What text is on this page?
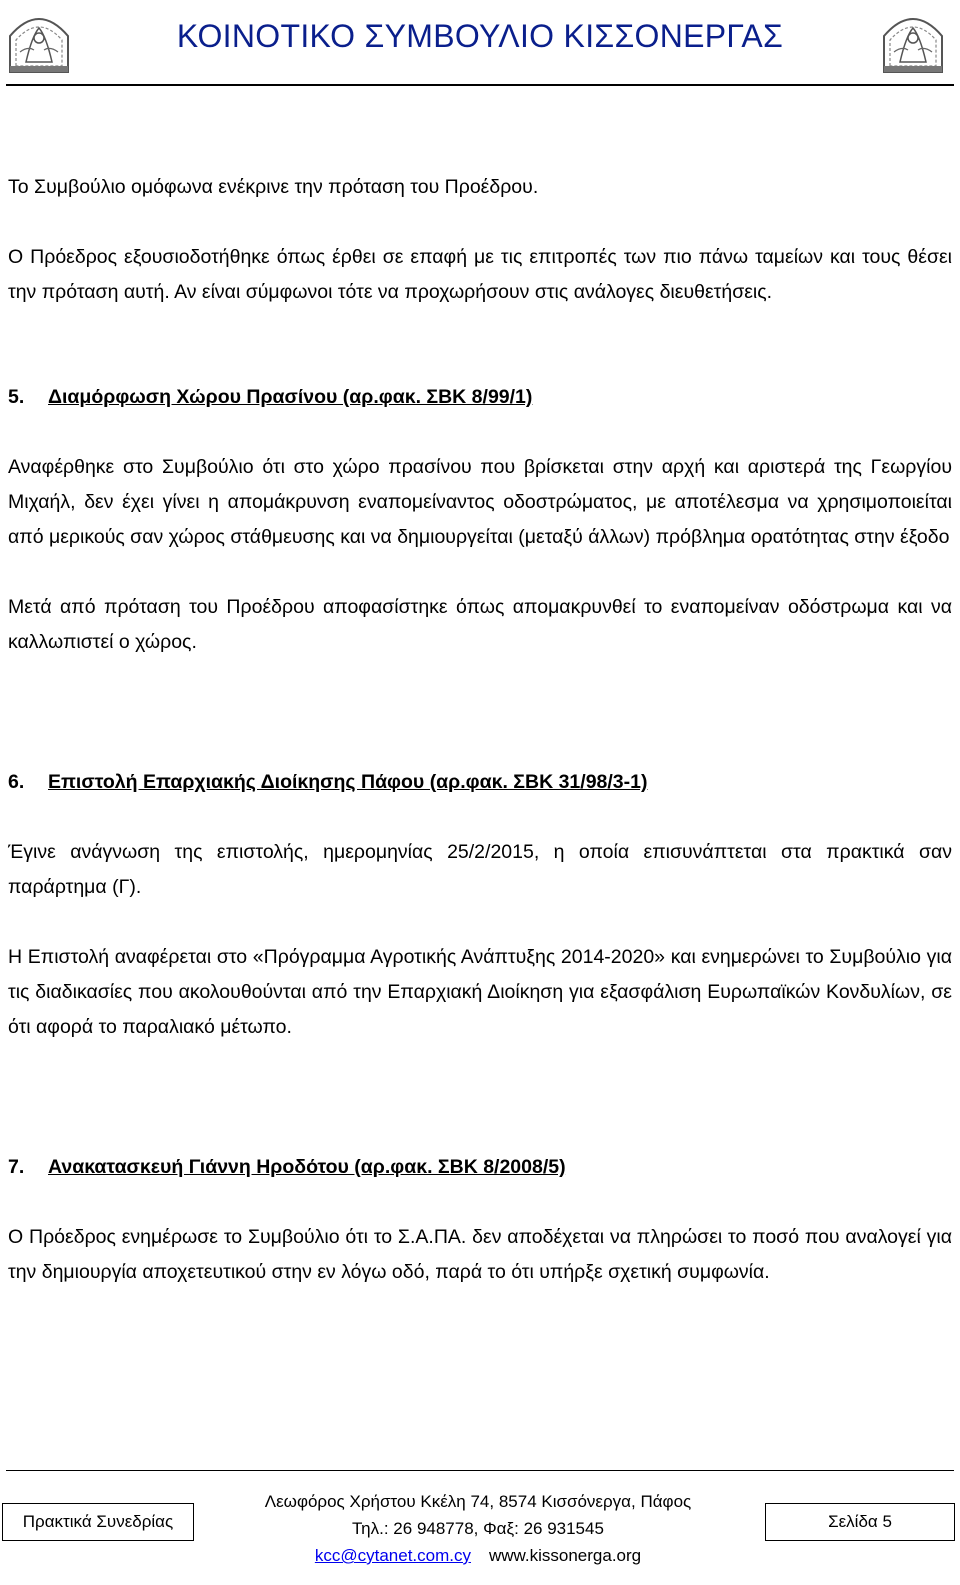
ΚΟΙΝΟΤΙΚΟ ΣΥΜΒΟΥΛΙΟ ΚΙΣΣΟΝΕΡΓΑΣ

Το Συμβούλιο ομόφωνα ενέκρινε την πρόταση του Προέδρου.

Ο Πρόεδρος εξουσιοδοτήθηκε όπως έρθει σε επαφή με τις επιτροπές των πιο πάνω ταμείων και τους θέσει την πρόταση αυτή. Αν είναι σύμφωνοι τότε να προχωρήσουν στις ανάλογες διευθετήσεις.

5. Διαμόρφωση Χώρου Πρασίνου (αρ.φακ. ΣΒΚ 8/99/1)

Αναφέρθηκε στο Συμβούλιο ότι στο χώρο πρασίνου που βρίσκεται στην αρχή και αριστερά της Γεωργίου Μιχαήλ, δεν έχει γίνει η απομάκρυνση εναπομείναντος οδοστρώματος, με αποτέλεσμα να χρησιμοποιείται από μερικούς σαν χώρος στάθμευσης και να δημιουργείται (μεταξύ άλλων) πρόβλημα ορατότητας στην έξοδο

Μετά από πρόταση του Προέδρου αποφασίστηκε όπως απομακρυνθεί το εναπομείναν οδόστρωμα και να καλλωπιστεί ο χώρος.

6. Επιστολή Επαρχιακής Διοίκησης Πάφου (αρ.φακ. ΣΒΚ 31/98/3-1)

Έγινε ανάγνωση της επιστολής, ημερομηνίας 25/2/2015, η οποία επισυνάπτεται στα πρακτικά σαν παράρτημα (Γ).

Η Επιστολή αναφέρεται στο «Πρόγραμμα Αγροτικής Ανάπτυξης 2014-2020» και ενημερώνει το Συμβούλιο για τις διαδικασίες που ακολουθούνται από την Επαρχιακή Διοίκηση για εξασφάλιση Ευρωπαϊκών Κονδυλίων, σε ότι αφορά το παραλιακό μέτωπο.

7. Ανακατασκευή Γιάννη Ηροδότου (αρ.φακ. ΣΒΚ 8/2008/5)

Ο Πρόεδρος ενημέρωσε το Συμβούλιο ότι το Σ.Α.ΠΑ. δεν αποδέχεται να πληρώσει το ποσό που αναλογεί για την δημιουργία αποχετευτικού στην εν λόγω οδό, παρά το ότι υπήρξε σχετική συμφωνία.

Πρακτικά Συνεδρίας
Λεωφόρος Χρήστου Κκέλη 74, 8574 Κισσόνεργα, Πάφος
Τηλ.: 26 948778, Φαξ: 26 931545
kcc@cytanet.com.cy www.kissonerga.org
Σελίδα 5
